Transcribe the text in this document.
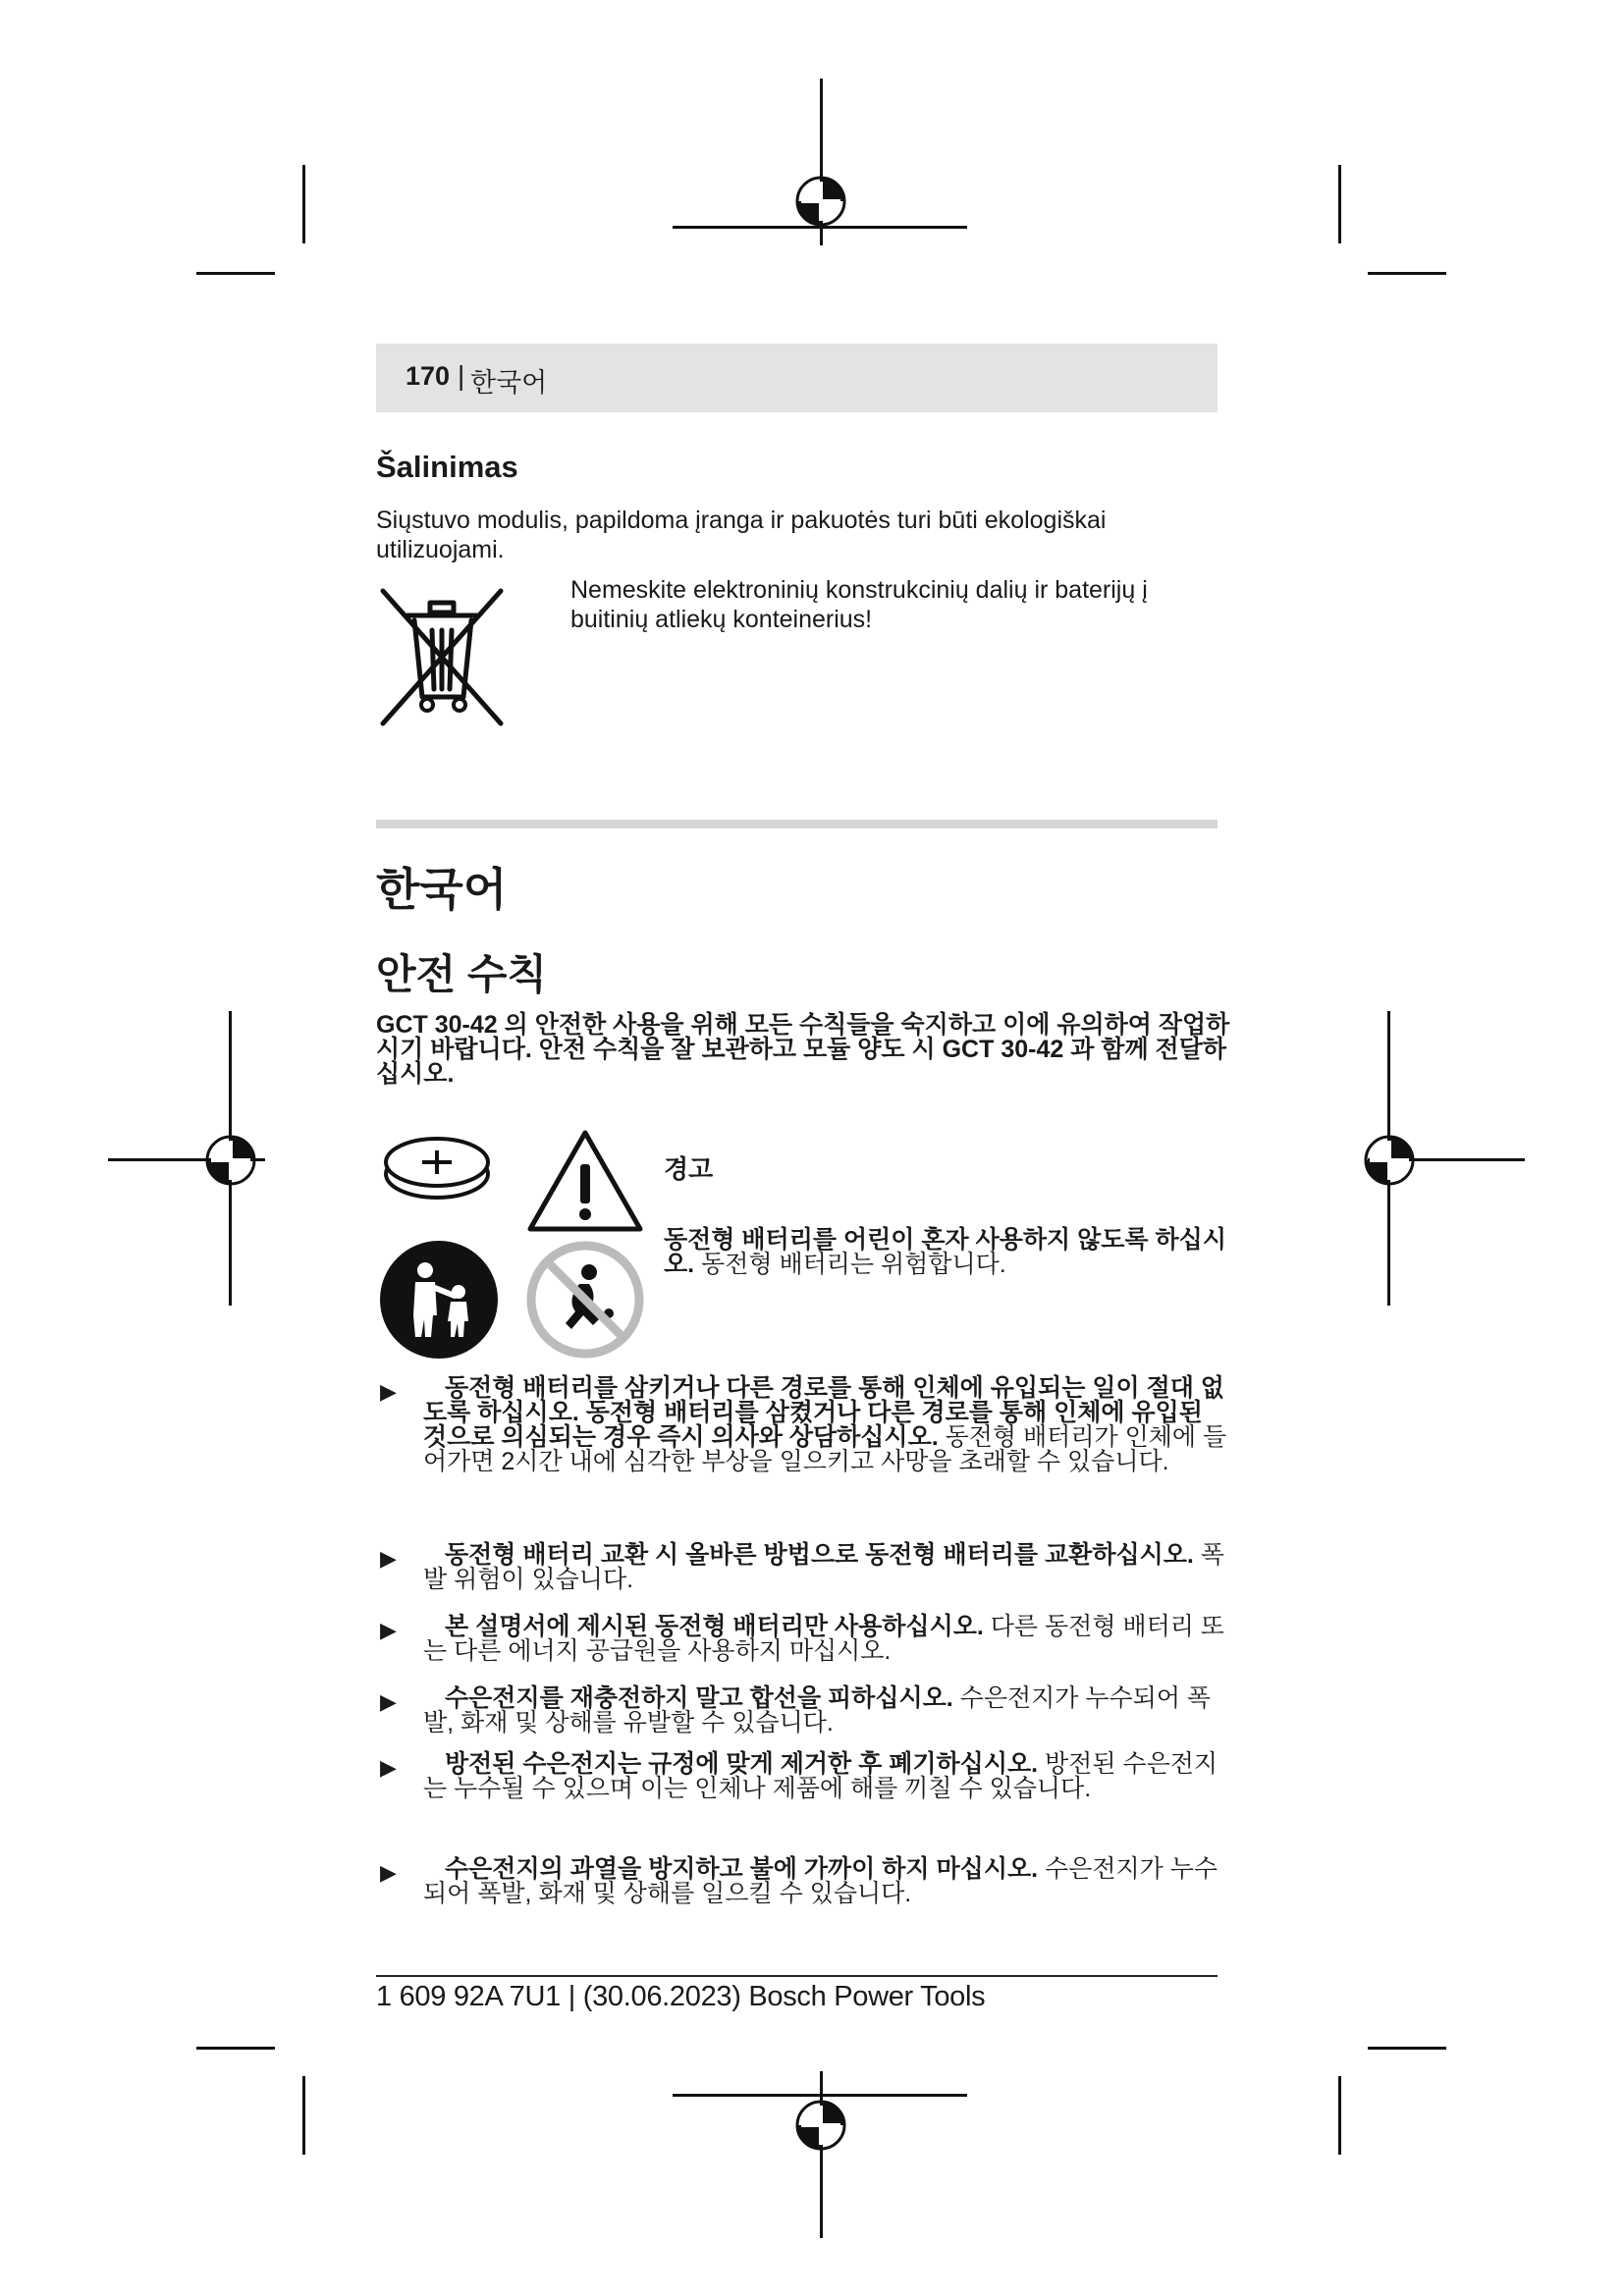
170 | 한국어
Šalinimas
Siųstuvo modulis, papildoma įranga ir pakuotės turi būti ekologiškai utilizuojami.
Nemeskite elektroninių konstrukcinių dalių ir baterijų į buitinių atliekų konteinerius!
한국어
안전 수칙
GCT 30-42 의 안전한 사용을 위해 모든 수칙들을 숙지하고 이에 유의하여 작업하시기 바랍니다. 안전 수칙을 잘 보관하고 모듈 양도 시 GCT 30-42 과 함께 전달하십시오.
경고
동전형 배터리를 어린이 혼자 사용하지 않도록 하십시오. 동전형 배터리는 위험합니다.
▶	동전형 배터리를 삼키거나 다른 경로를 통해 인체에 유입되는 일이 절대 없도록 하십시오. 동전형 배터리를 삼켰거나 다른 경로를 통해 인체에 유입된 것으로 의심되는 경우 즉시 의사와 상담하십시오. 동전형 배터리가 인체에 들어가면 2시간 내에 심각한 부상을 일으키고 사망을 초래할 수 있습니다.
▶	동전형 배터리 교환 시 올바른 방법으로 동전형 배터리를 교환하십시오. 폭발 위험이 있습니다.
▶	본 설명서에 제시된 동전형 배터리만 사용하십시오. 다른 동전형 배터리 또는 다른 에너지 공급원을 사용하지 마십시오.
▶	수은전지를 재충전하지 말고 합선을 피하십시오. 수은전지가 누수되어 폭발, 화재 및 상해를 유발할 수 있습니다.
▶	방전된 수은전지는 규정에 맞게 제거한 후 폐기하십시오. 방전된 수은전지는 누수될 수 있으며 이는 인체나 제품에 해를 끼칠 수 있습니다.
▶	수은전지의 과열을 방지하고 불에 가까이 하지 마십시오. 수은전지가 누수되어 폭발, 화재 및 상해를 일으킬 수 있습니다.
1 609 92A 7U1 | (30.06.2023) Bosch Power Tools
